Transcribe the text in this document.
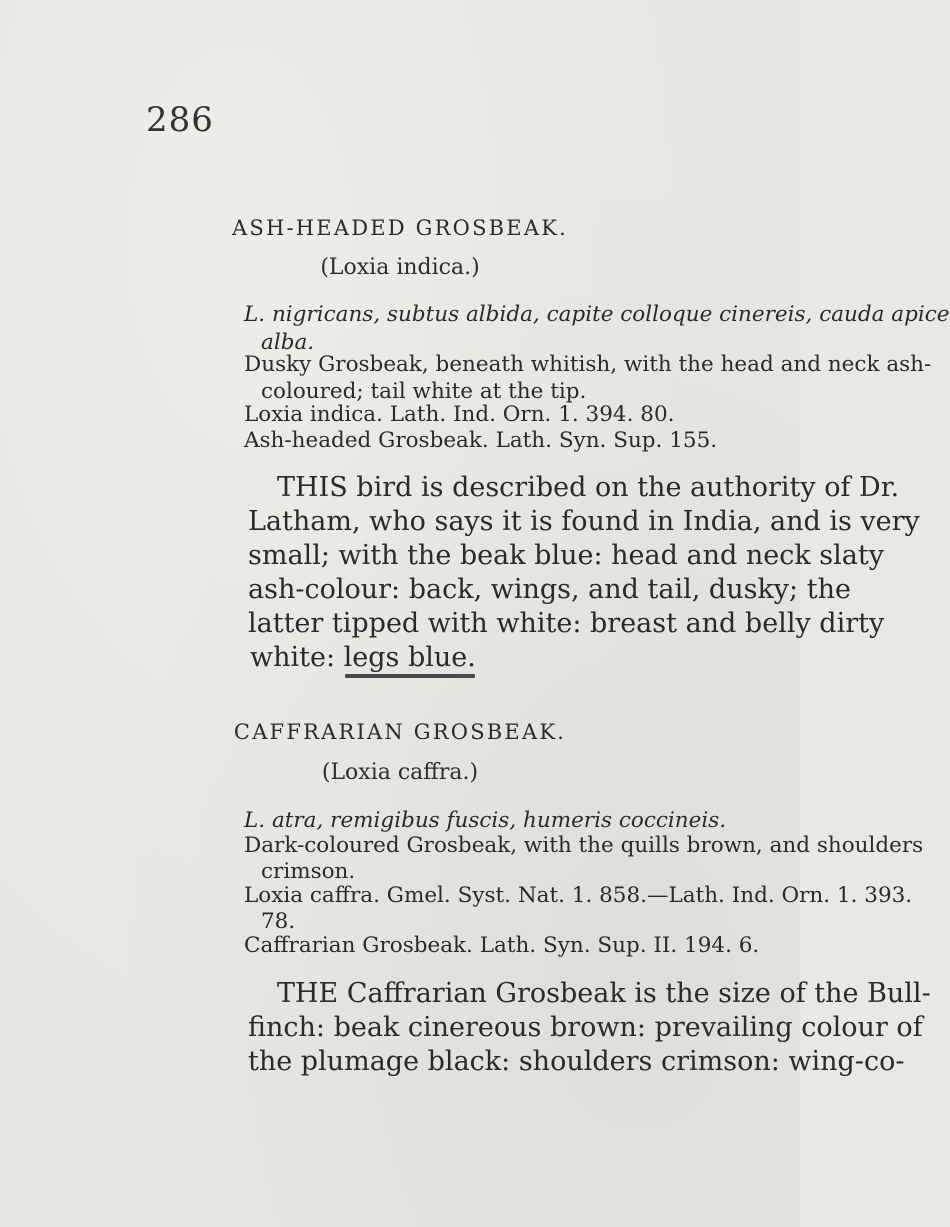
286
ASH-HEADED GROSBEAK.
(Loxia indica.)
L. nigricans, subtus albida, capite colloque cinereis, cauda apice
alba.
Dusky Grosbeak, beneath whitish, with the head and neck ash-
coloured; tail white at the tip.
Loxia indica. Lath. Ind. Orn. 1. 394. 80.
Ash-headed Grosbeak. Lath. Syn. Sup. 155.
THIS bird is described on the authority of Dr.
Latham, who says it is found in India, and is very
small; with the beak blue: head and neck slaty
ash-colour: back, wings, and tail, dusky; the
latter tipped with white: breast and belly dirty
white: legs blue.
CAFFRARIAN GROSBEAK.
(Loxia caffra.)
L. atra, remigibus fuscis, humeris coccineis.
Dark-coloured Grosbeak, with the quills brown, and shoulders
crimson.
Loxia caffra. Gmel. Syst. Nat. 1. 858.—Lath. Ind. Orn. 1. 393.
78.
Caffrarian Grosbeak. Lath. Syn. Sup. II. 194. 6.
THE Caffrarian Grosbeak is the size of the Bull-
finch: beak cinereous brown: prevailing colour of
the plumage black: shoulders crimson: wing-co-
